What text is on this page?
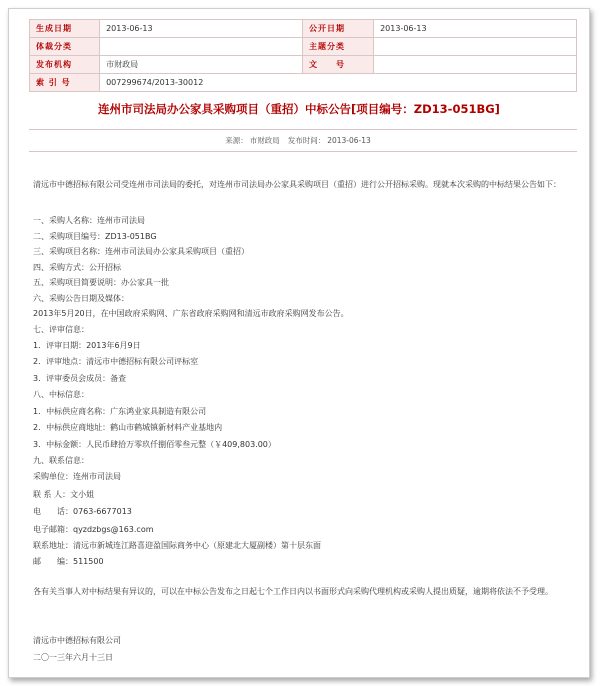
生成日期	2013-06-13	公开日期	2013-06-13
体裁分类		主题分类	
发布机构	市财政局	文　　号	
索 引 号	007299674/2013-30012		
连州市司法局办公家具采购项目（重招）中标公告[项目编号：ZD13-051BG]
来源： 市财政局 发布时间： 2013-06-13
清远市中德招标有限公司受连州市司法局的委托，对连州市司法局办公家具采购项目（重招）进行公开招标采购。现就本次采购的中标结果公告如下：
一、采购人名称：连州市司法局
二、采购项目编号：ZD13-051BG
三、采购项目名称：连州市司法局办公家具采购项目（重招）
四、采购方式：公开招标
五、采购项目简要说明：办公家具一批
六、采购公告日期及媒体：
2013年5月20日，在中国政府采购网、广东省政府采购网和清远市政府采购网发布公告。
七、评审信息：
1．评审日期：2013年6月9日
2．评审地点：清远市中德招标有限公司评标室
3．评审委员会成员：备查
八、中标信息：
1．中标供应商名称：广东鸿业家具制造有限公司
2．中标供应商地址：鹤山市鹤城镇新材料产业基地内
3．中标金额：人民币肆拾万零玖仟捌佰零叁元整（￥409,803.00）
九、联系信息：
采购单位：连州市司法局
联 系 人：文小姐
电　　话：0763-6677013
电子邮箱：qyzdzbgs@163.com
联系地址：清远市新城连江路喜迎盈国际商务中心（原建北大厦副楼）第十层东面
邮　　编：511500
各有关当事人对中标结果有异议的，可以在中标公告发布之日起七个工作日内以书面形式向采购代理机构或采购人提出质疑，逾期将依法不予受理。
清远市中德招标有限公司
二〇一三年六月十三日
